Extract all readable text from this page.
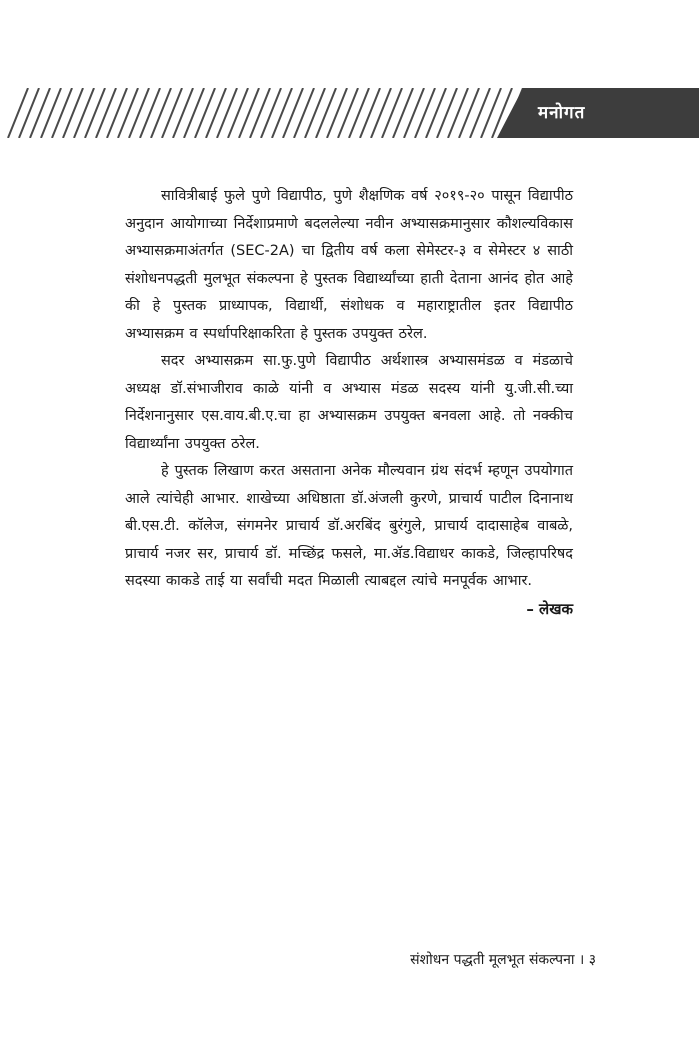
मनोगत

सावित्रीबाई फुले पुणे विद्यापीठ, पुणे शैक्षणिक वर्ष २०१९-२० पासून विद्यापीठ अनुदान आयोगाच्या निर्देशाप्रमाणे बदललेल्या नवीन अभ्यासक्रमानुसार कौशल्यविकास अभ्यासक्रमाअंतर्गत (SEC-2A) चा द्वितीय वर्ष कला सेमेस्टर-३ व सेमेस्टर ४ साठी संशोधनपद्धती मुलभूत संकल्पना हे पुस्तक विद्यार्थ्यांच्या हाती देताना आनंद होत आहे की हे पुस्तक प्राध्यापक, विद्यार्थी, संशोधक व महाराष्ट्रातील इतर विद्यापीठ अभ्यासक्रम व स्पर्धापरिक्षाकरिता हे पुस्तक उपयुक्त ठरेल.

सदर अभ्यासक्रम सा.फु.पुणे विद्यापीठ अर्थशास्त्र अभ्यासमंडळ व मंडळाचे अध्यक्ष डॉ.संभाजीराव काळे यांनी व अभ्यास मंडळ सदस्य यांनी यु.जी.सी.च्या निर्देशनानुसार एस.वाय.बी.ए.चा हा अभ्यासक्रम उपयुक्त बनवला आहे. तो नक्कीच विद्यार्थ्यांना उपयुक्त ठरेल.

हे पुस्तक लिखाण करत असताना अनेक मौल्यवान ग्रंथ संदर्भ म्हणून उपयोगात आले त्यांचेही आभार. शाखेच्या अधिष्ठाता डॉ.अंजली कुरणे, प्राचार्य पाटील दिनानाथ बी.एस.टी. कॉलेज, संगमनेर प्राचार्य डॉ.अरबिंद बुरंगुले, प्राचार्य दादासाहेब वाबळे, प्राचार्य नजर सर, प्राचार्य डॉ. मच्छिंद्र फसले, मा.ॲड.विद्याधर काकडे, जिल्हापरिषद सदस्या काकडे ताई या सर्वांची मदत मिळाली त्याबद्दल त्यांचे मनपूर्वक आभार.

– लेखक

संशोधन पद्धती मूलभूत संकल्पना । ३
